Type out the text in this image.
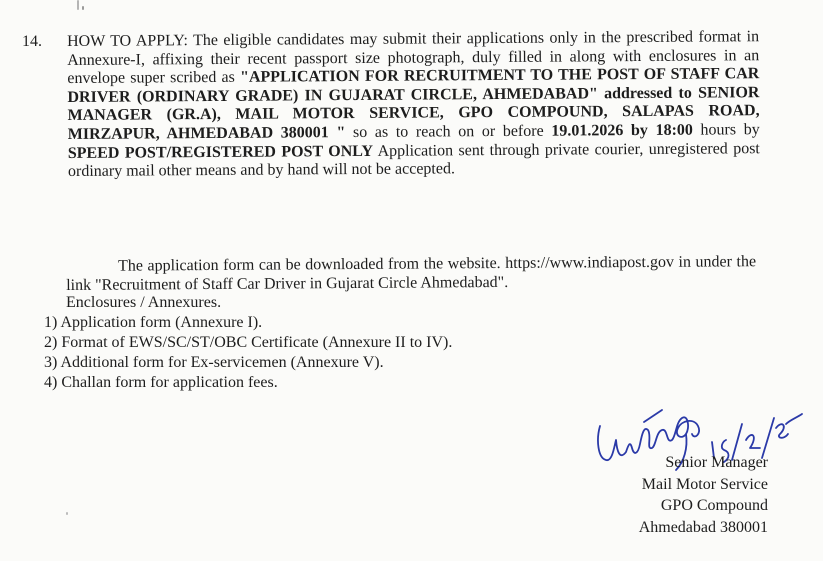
14. HOW TO APPLY: The eligible candidates may submit their applications only in the prescribed format in Annexure-I, affixing their recent passport size photograph, duly filled in along with enclosures in an envelope super scribed as "APPLICATION FOR RECRUITMENT TO THE POST OF STAFF CAR DRIVER (ORDINARY GRADE) IN GUJARAT CIRCLE, AHMEDABAD" addressed to SENIOR MANAGER (GR.A), MAIL MOTOR SERVICE, GPO COMPOUND, SALAPAS ROAD, MIRZAPUR, AHMEDABAD 380001 " so as to reach on or before 19.01.2026 by 18:00 hours by SPEED POST/REGISTERED POST ONLY Application sent through private courier, unregistered post ordinary mail other means and by hand will not be accepted.
The application form can be downloaded from the website. https://www.indiapost.gov in under the link "Recruitment of Staff Car Driver in Gujarat Circle Ahmedabad".
Enclosures / Annexures.
1) Application form (Annexure I).
2) Format of EWS/SC/ST/OBC Certificate (Annexure II to IV).
3) Additional form for Ex-servicemen (Annexure V).
4) Challan form for application fees.
Senior Manager
Mail Motor Service
GPO Compound
Ahmedabad 380001
